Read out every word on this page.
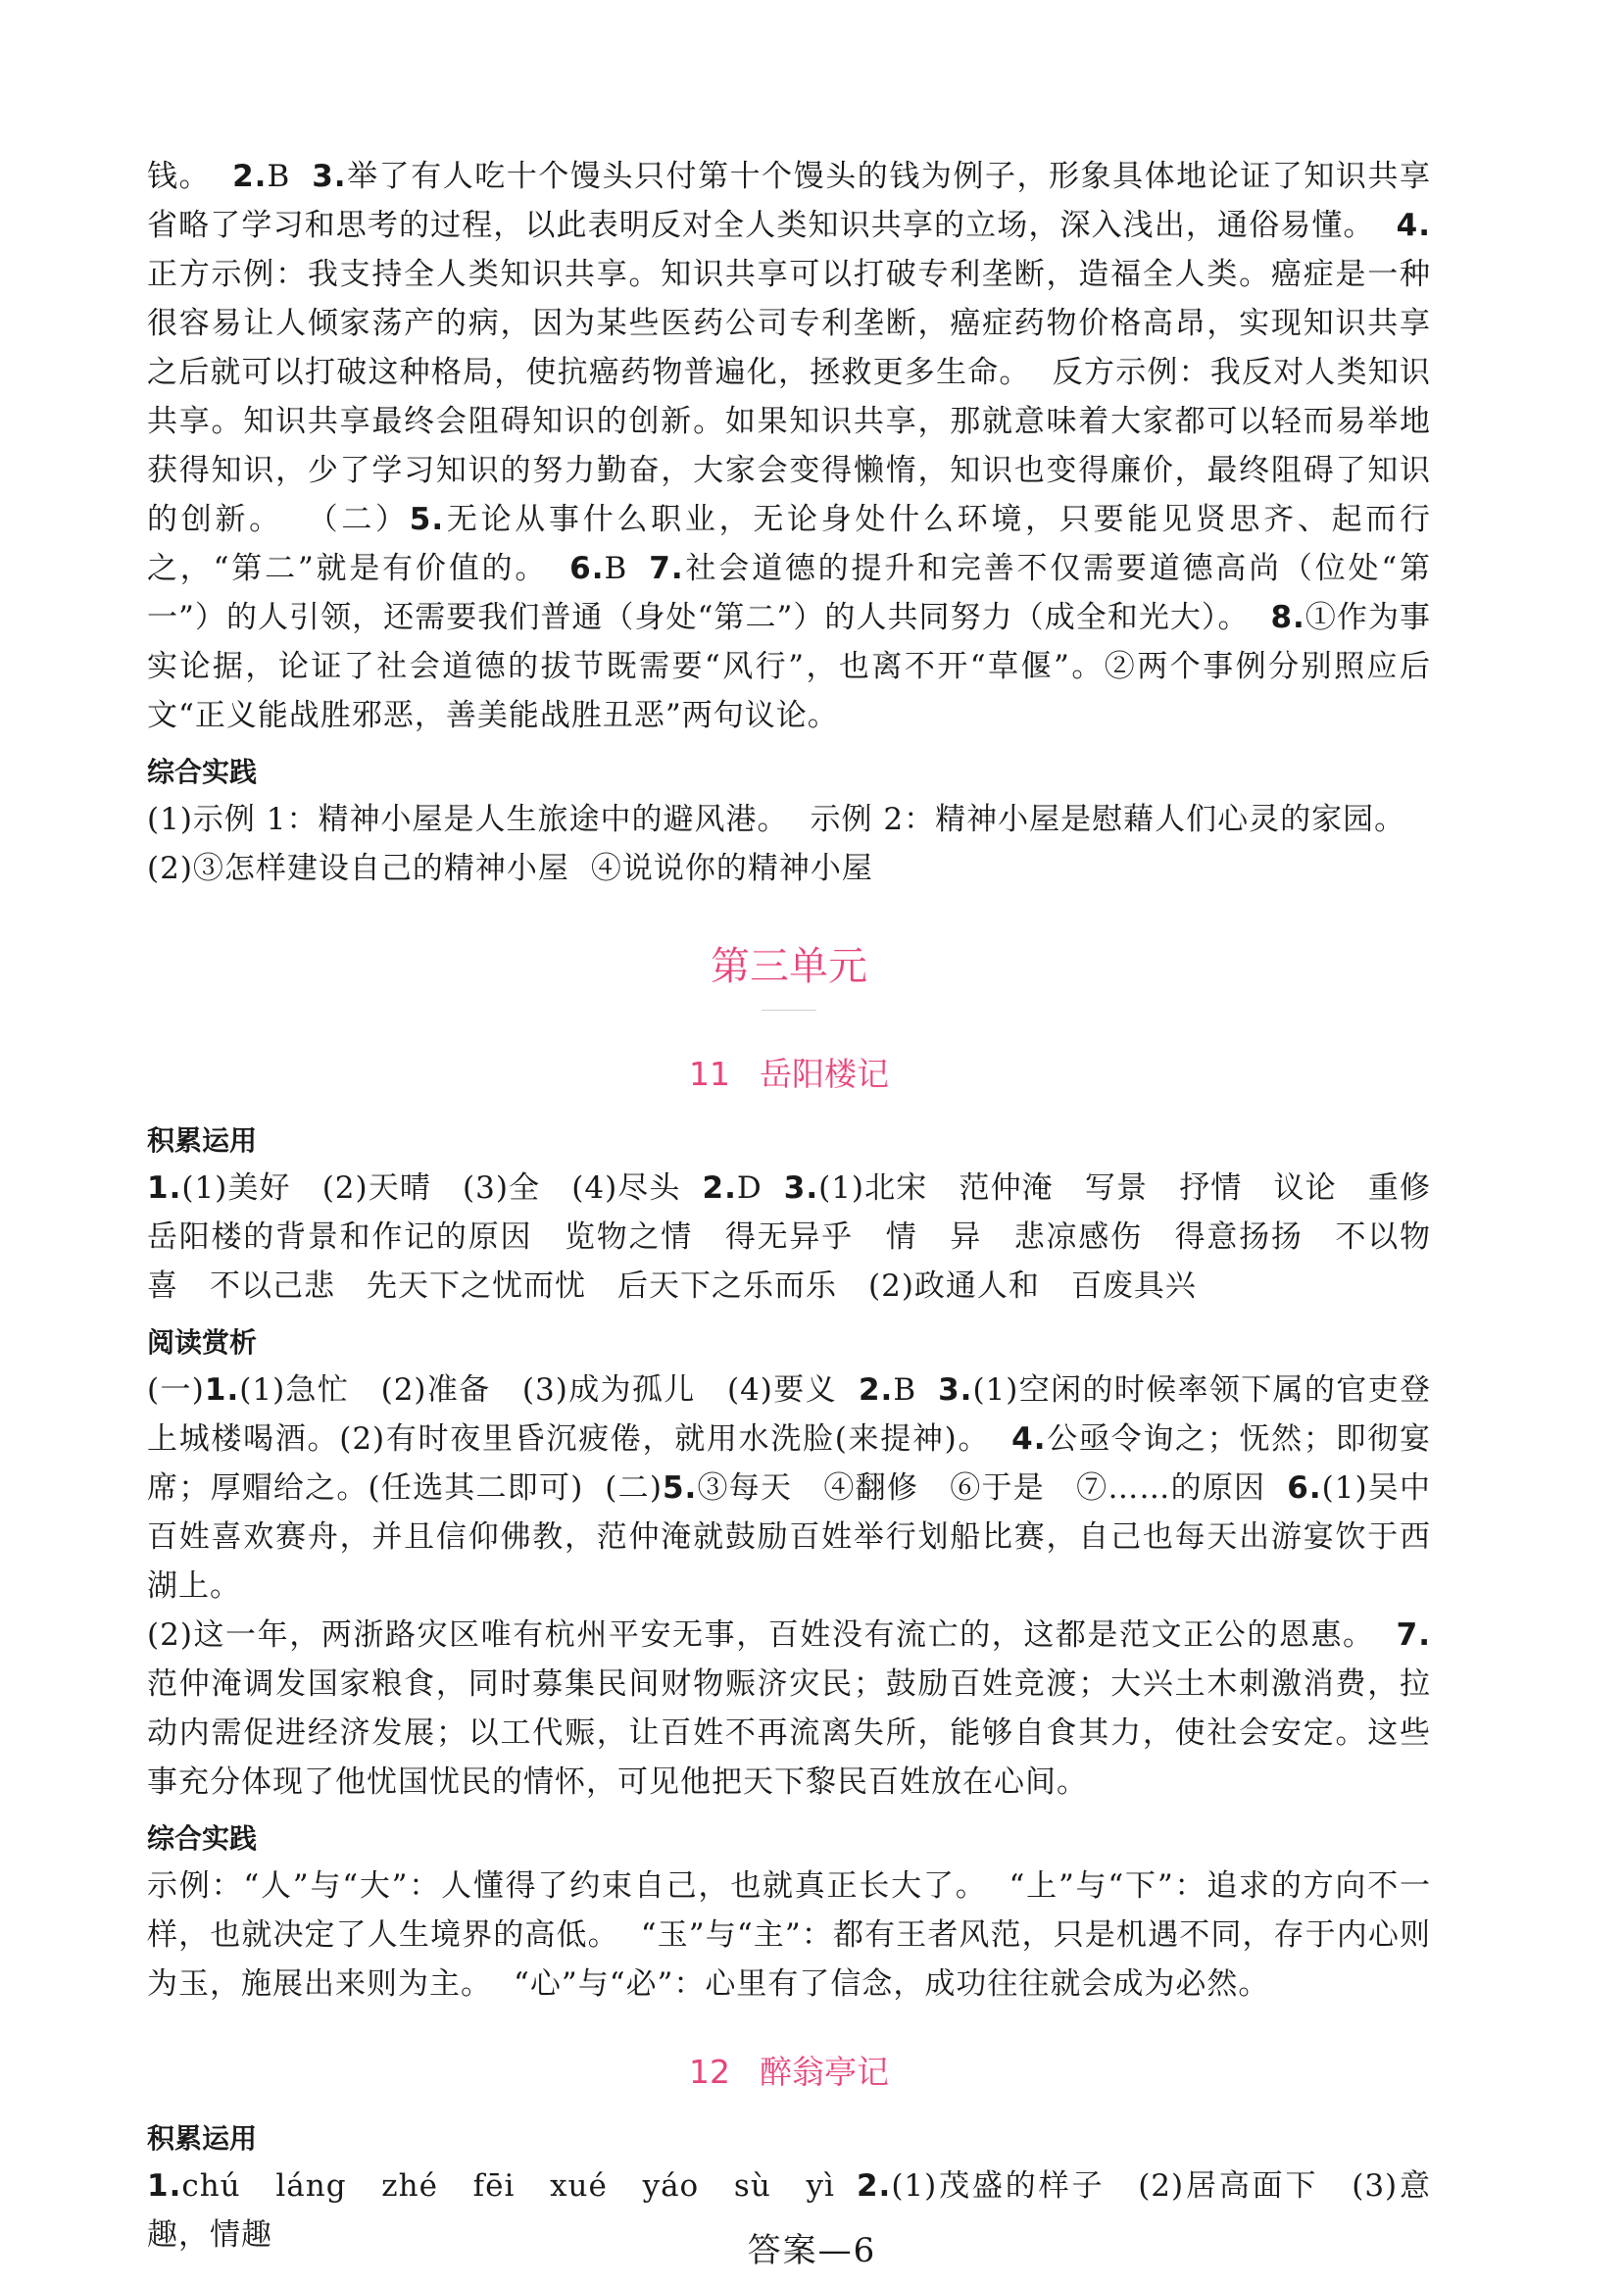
钱。 2.B 3.举了有人吃十个馒头只付第十个馒头的钱为例子，形象具体地论证了知识共享省略了学习和思考的过程，以此表明反对全人类知识共享的立场，深入浅出，通俗易懂。 4.正方示例：我支持全人类知识共享。知识共享可以打破专利垄断，造福全人类。癌症是一种很容易让人倾家荡产的病，因为某些医药公司专利垄断，癌症药物价格高昂，实现知识共享之后就可以打破这种格局，使抗癌药物普遍化，拯救更多生命。 反方示例：我反对人类知识共享。知识共享最终会阻碍知识的创新。如果知识共享，那就意味着大家都可以轻而易举地获得知识，少了学习知识的努力勤奋，大家会变得懒惰，知识也变得廉价，最终阻碍了知识的创新。 （二）5.无论从事什么职业，无论身处什么环境，只要能见贤思齐、起而行之，“第二”就是有价值的。 6.B 7.社会道德的提升和完善不仅需要道德高尚（位处“第一”）的人引领，还需要我们普通（身处“第二”）的人共同努力（成全和光大）。 8.①作为事实论据，论证了社会道德的拔节既需要“风行”，也离不开“草偃”。②两个事例分别照应后文“正义能战胜邪恶，善美能战胜丑恶”两句议论。

综合实践

(1)示例 1：精神小屋是人生旅途中的避风港。 示例 2：精神小屋是慰藉人们心灵的家园。

(2)③怎样建设自己的精神小屋 ④说说你的精神小屋

第三单元
11 岳阳楼记
积累运用

1.(1)美好　(2)天晴　(3)全　(4)尽头 2.D 3.(1)北宋　范仲淹　写景　抒情　议论　重修岳阳楼的背景和作记的原因　览物之情　得无异乎　情　异　悲凉感伤　得意扬扬　不以物喜　不以己悲　先天下之忧而忧　后天下之乐而乐　(2)政通人和　百废具兴

阅读赏析

(一)1.(1)急忙　(2)准备　(3)成为孤儿　(4)要义 2.B 3.(1)空闲的时候率领下属的官吏登上城楼喝酒。(2)有时夜里昏沉疲倦，就用水洗脸(来提神)。 4.公亟令询之；怃然；即彻宴席；厚赗给之。(任选其二即可) (二)5.③每天　④翻修　⑥于是　⑦……的原因 6.(1)吴中百姓喜欢赛舟，并且信仰佛教，范仲淹就鼓励百姓举行划船比赛，自己也每天出游宴饮于西湖上。

(2)这一年，两浙路灾区唯有杭州平安无事，百姓没有流亡的，这都是范文正公的恩惠。 7.范仲淹调发国家粮食，同时募集民间财物赈济灾民；鼓励百姓竞渡；大兴土木刺激消费，拉动内需促进经济发展；以工代赈，让百姓不再流离失所，能够自食其力，使社会安定。这些事充分体现了他忧国忧民的情怀，可见他把天下黎民百姓放在心间。

综合实践

示例：“人”与“大”：人懂得了约束自己，也就真正长大了。 “上”与“下”：追求的方向不一样，也就决定了人生境界的高低。 “玉”与“主”：都有王者风范，只是机遇不同，存于内心则为玉，施展出来则为主。 “心”与“必”：心里有了信念，成功往往就会成为必然。

12 醉翁亭记
积累运用

1.chú　láng　zhé　fēi　xué　yáo　sù　yì 2.(1)茂盛的样子　(2)居高面下　(3)意趣，情趣	答案—6
